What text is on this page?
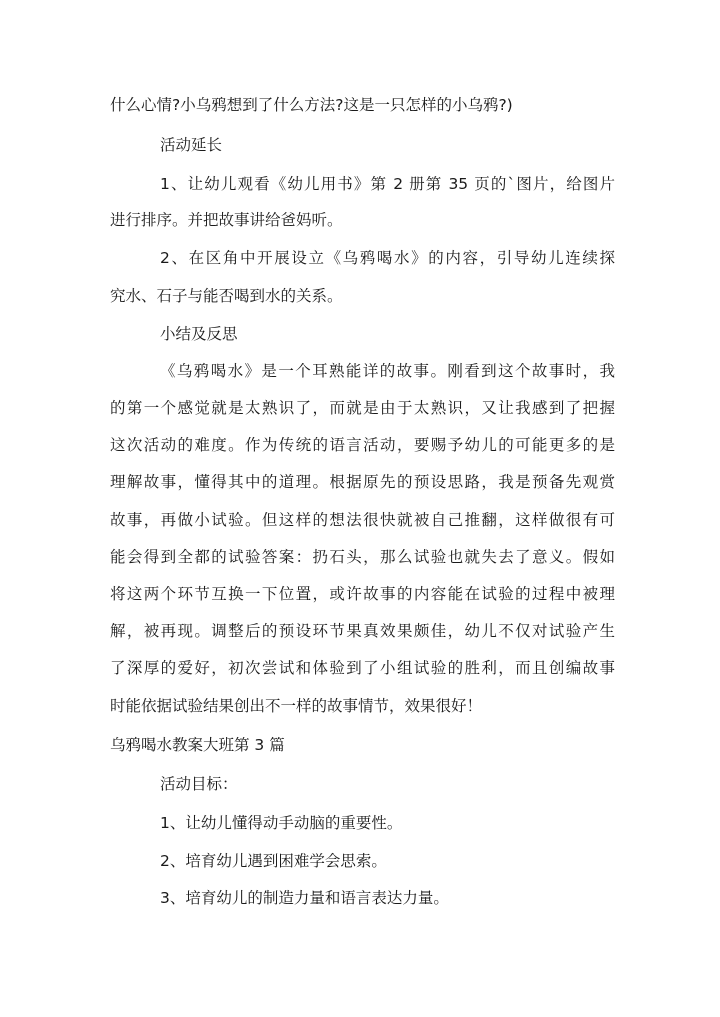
什么心情?小乌鸦想到了什么方法?这是一只怎样的小乌鸦?)
活动延长
1、让幼儿观看《幼儿用书》第 2 册第 35 页的`图片，给图片
进行排序。并把故事讲给爸妈听。
2、在区角中开展设立《乌鸦喝水》的内容，引导幼儿连续探
究水、石子与能否喝到水的关系。
小结及反思
《乌鸦喝水》是一个耳熟能详的故事。刚看到这个故事时，我
的第一个感觉就是太熟识了，而就是由于太熟识，又让我感到了把握
这次活动的难度。作为传统的语言活动，要赐予幼儿的可能更多的是
理解故事，懂得其中的道理。根据原先的预设思路，我是预备先观赏
故事，再做小试验。但这样的想法很快就被自己推翻，这样做很有可
能会得到全都的试验答案：扔石头，那么试验也就失去了意义。假如
将这两个环节互换一下位置，或许故事的内容能在试验的过程中被理
解，被再现。调整后的预设环节果真效果颇佳，幼儿不仅对试验产生
了深厚的爱好，初次尝试和体验到了小组试验的胜利，而且创编故事
时能依据试验结果创出不一样的故事情节，效果很好！
乌鸦喝水教案大班第 3 篇
活动目标：
1、让幼儿懂得动手动脑的重要性。
2、培育幼儿遇到困难学会思索。
3、培育幼儿的制造力量和语言表达力量。
